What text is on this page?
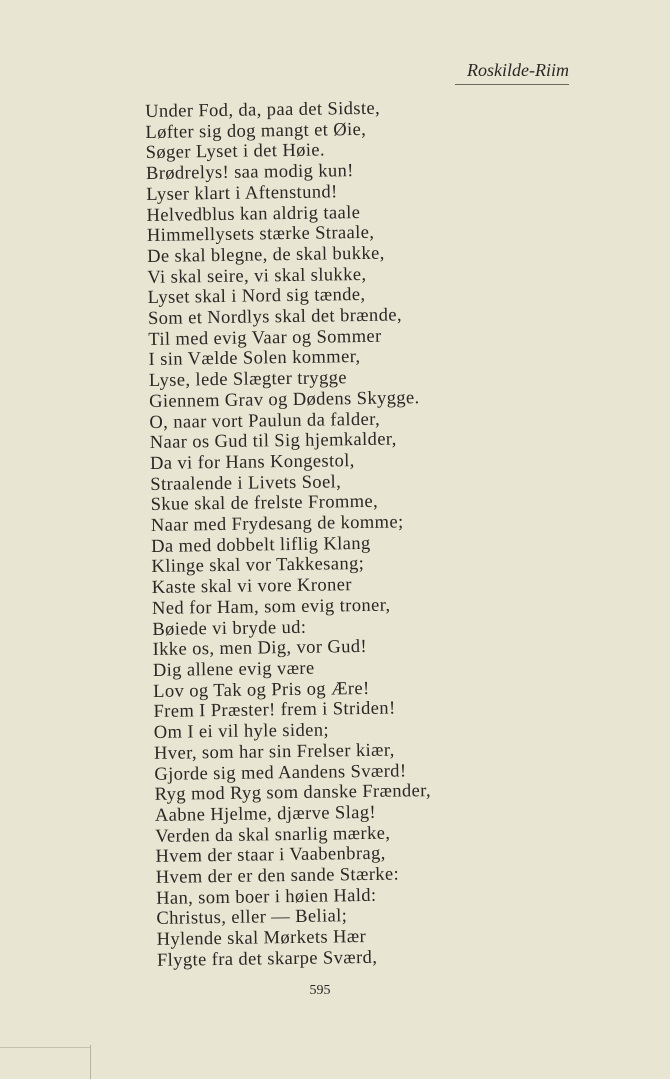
Roskilde-Riim
Under Fod, da, paa det Sidste,
Løfter sig dog mangt et Øie,
Søger Lyset i det Høie.
Brødrelys! saa modig kun!
Lyser klart i Aftenstund!
Helvedblus kan aldrig taale
Himmellysets stærke Straale,
De skal blegne, de skal bukke,
Vi skal seire, vi skal slukke,
Lyset skal i Nord sig tænde,
Som et Nordlys skal det brænde,
Til med evig Vaar og Sommer
I sin Vælde Solen kommer,
Lyse, lede Slægter trygge
Giennem Grav og Dødens Skygge.
O, naar vort Paulun da falder,
Naar os Gud til Sig hjemkalder,
Da vi for Hans Kongestol,
Straalende i Livets Soel,
Skue skal de frelste Fromme,
Naar med Frydesang de komme;
Da med dobbelt liflig Klang
Klinge skal vor Takkesang;
Kaste skal vi vore Kroner
Ned for Ham, som evig troner,
Bøiede vi bryde ud:
Ikke os, men Dig, vor Gud!
Dig allene evig være
Lov og Tak og Pris og Ære!
Frem I Præster! frem i Striden!
Om I ei vil hyle siden;
Hver, som har sin Frelser kiær,
Gjorde sig med Aandens Sværd!
Ryg mod Ryg som danske Frænder,
Aabne Hjelme, djærve Slag!
Verden da skal snarlig mærke,
Hvem der staar i Vaabenbrag,
Hvem der er den sande Stærke:
Han, som boer i høien Hald:
Christus, eller — Belial;
Hylende skal Mørkets Hær
Flygte fra det skarpe Sværd,
595
